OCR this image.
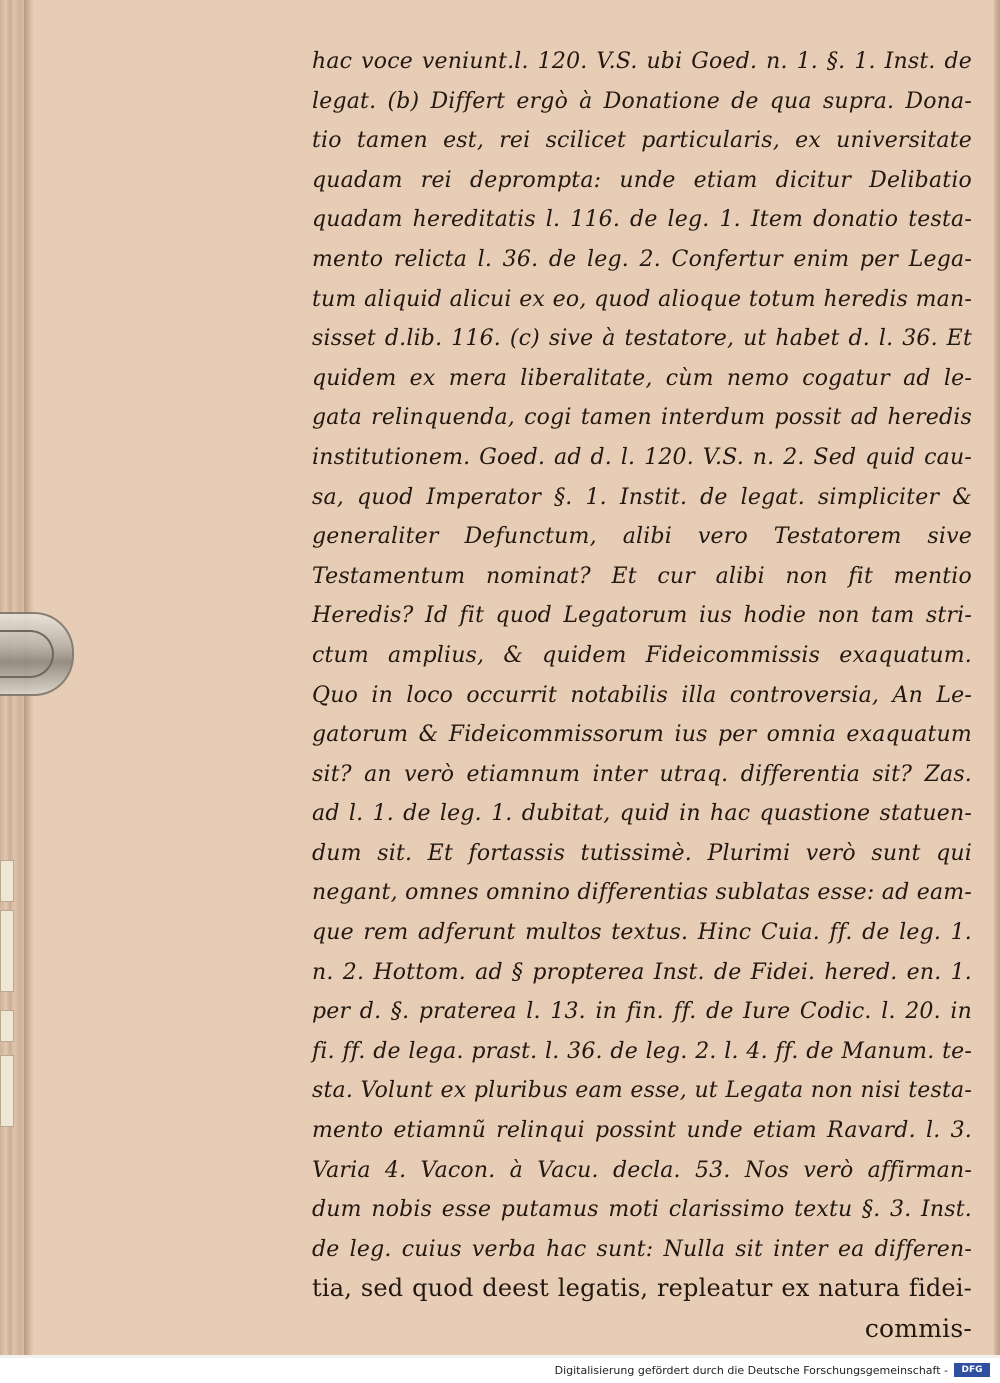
hac voce veniunt.l. 120. V.S. ubi Goed. n. 1. §. 1. Inst. de
legat. (b) Differt ergò à Donatione de qua supra. Dona-
tio tamen est, rei scilicet particularis, ex universitate
quadam rei deprompta: unde etiam dicitur Delibatio
quadam hereditatis l. 116. de leg. 1. Item donatio testa-
mento relicta l. 36. de leg. 2. Confertur enim per Lega-
tum aliquid alicui ex eo, quod alioque totum heredis man-
sisset d.lib. 116. (c) sive à testatore, ut habet d. l. 36. Et
quidem ex mera liberalitate, cùm nemo cogatur ad le-
gata relinquenda, cogi tamen interdum possit ad heredis
institutionem. Goed. ad d. l. 120. V.S. n. 2. Sed quid cau-
sa, quod Imperator §. 1. Instit. de legat. simpliciter &
generaliter Defunctum, alibi vero Testatorem sive
Testamentum nominat? Et cur alibi non fit mentio
Heredis? Id fit quod Legatorum ius hodie non tam stri-
ctum amplius, & quidem Fideicommissis exaquatum.
Quo in loco occurrit notabilis illa controversia, An Le-
gatorum & Fideicommissorum ius per omnia exaquatum
sit? an verò etiamnum inter utraq. differentia sit? Zas.
ad l. 1. de leg. 1. dubitat, quid in hac quastione statuen-
dum sit. Et fortassis tutissimè. Plurimi verò sunt qui
negant, omnes omnino differentias sublatas esse: ad eam-
que rem adferunt multos textus. Hinc Cuia. ff. de leg. 1.
n. 2. Hottom. ad § propterea Inst. de Fidei. hered. en. 1.
per d. §. praterea l. 13. in fin. ff. de Iure Codic. l. 20. in
fi. ff. de lega. prast. l. 36. de leg. 2. l. 4. ff. de Manum. te-
sta. Volunt ex pluribus eam esse, ut Legata non nisi testa-
mento etiamnũ relinqui possint unde etiam Ravard. l. 3.
Varia 4. Vacon. à Vacu. decla. 53. Nos verò affirman-
dum nobis esse putamus moti clarissimo textu §. 3. Inst.
de leg. cuius verba hac sunt: Nulla sit inter ea differen-
tia, sed quod deest legatis, repleatur ex natura fidei-
commis-
Digitalisierung gefördert durch die Deutsche Forschungsgemeinschaft -	DFG
